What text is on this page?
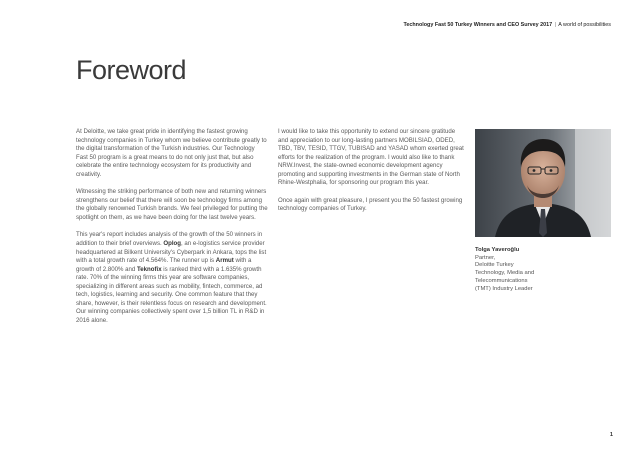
Technology Fast 50 Turkey Winners and CEO Survey 2017 | A world of possibilities
Foreword

At Deloitte, we take great pride in identifying the fastest growing technology companies in Turkey whom we believe contribute greatly to the digital transformation of the Turkish industries. Our Technology Fast 50 program is a great means to do not only just that, but also celebrate the entire technology ecosystem for its productivity and creativity.

Witnessing the striking performance of both new and returning winners strengthens our belief that there will soon be technology firms among the globally renowned Turkish brands. We feel privileged for putting the spotlight on them, as we have been doing for the last twelve years.

This year's report includes analysis of the growth of the 50 winners in addition to their brief overviews. Oplog, an e-logistics service provider headquartered at Bilkent University's Cyberpark in Ankara, tops the list with a total growth rate of 4.564%. The runner up is Armut with a growth of 2.800% and Teknofix is ranked third with a 1.635% growth rate. 70% of the winning firms this year are software companies, specializing in different areas such as mobility, fintech, commerce, ad tech, logistics, learning and security. One common feature that they share, however, is their relentless focus on research and development. Our winning companies collectively spent over 1,5 billion TL in R&D in 2016 alone.

I would like to take this opportunity to extend our sincere gratitude and appreciation to our long-lasting partners MOBILSIAD, ODED, TBD, TBV, TESID, TTGV, TUBISAD and YASAD whom exerted great efforts for the realization of the program. I would also like to thank NRW.Invest, the state-owned economic development agency promoting and supporting investments in the German state of North Rhine-Westphalia, for sponsoring our program this year.

Once again with great pleasure, I present you the 50 fastest growing technology companies of Turkey.

Tolga Yaveroğlu
Partner,
Deloitte Turkey
Technology, Media and
Telecommunications
(TMT) Industry Leader
1
